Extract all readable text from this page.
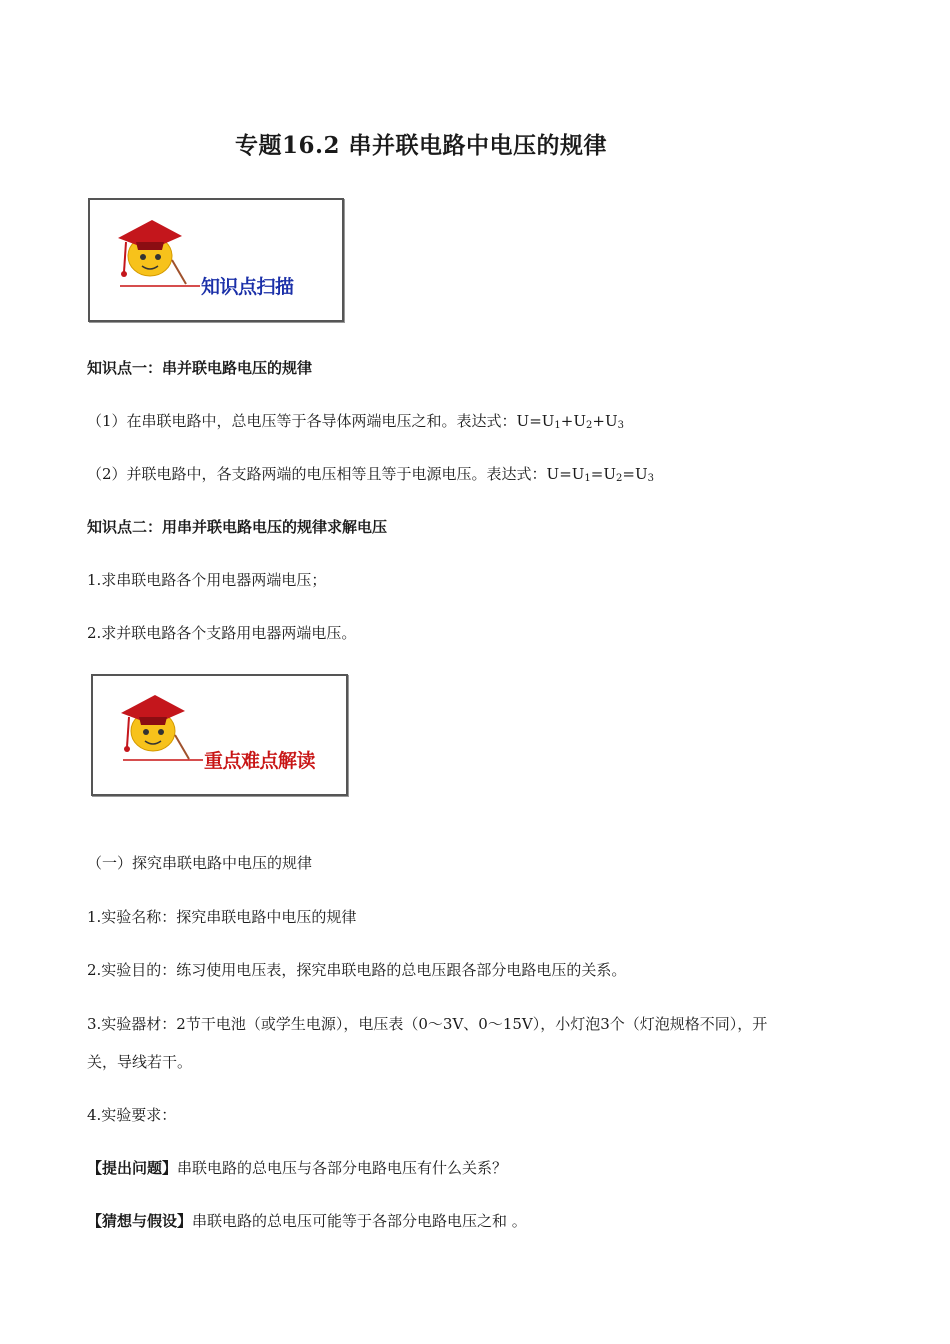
专题16.2 串并联电路中电压的规律
知识点扫描
知识点一：串并联电路电压的规律
（1）在串联电路中，总电压等于各导体两端电压之和。表达式：$U=U_1+U_2+U_3$
（2）并联电路中，各支路两端的电压相等且等于电源电压。表达式：$U=U_1=U_2=U_3$
知识点二：用串并联电路电压的规律求解电压
1.求串联电路各个用电器两端电压；
2.求并联电路各个支路用电器两端电压。
重点难点解读
（一）探究串联电路中电压的规律
1.实验名称：探究串联电路中电压的规律
2.实验目的：练习使用电压表，探究串联电路的总电压跟各部分电路电压的关系。
3.实验器材：2节干电池（或学生电源），电压表（0～3V、0～15V），小灯泡3个（灯泡规格不同），开
关，导线若干。
4.实验要求：
【提出问题】串联电路的总电压与各部分电路电压有什么关系？
【猜想与假设】串联电路的总电压可能等于各部分电路电压之和 。
